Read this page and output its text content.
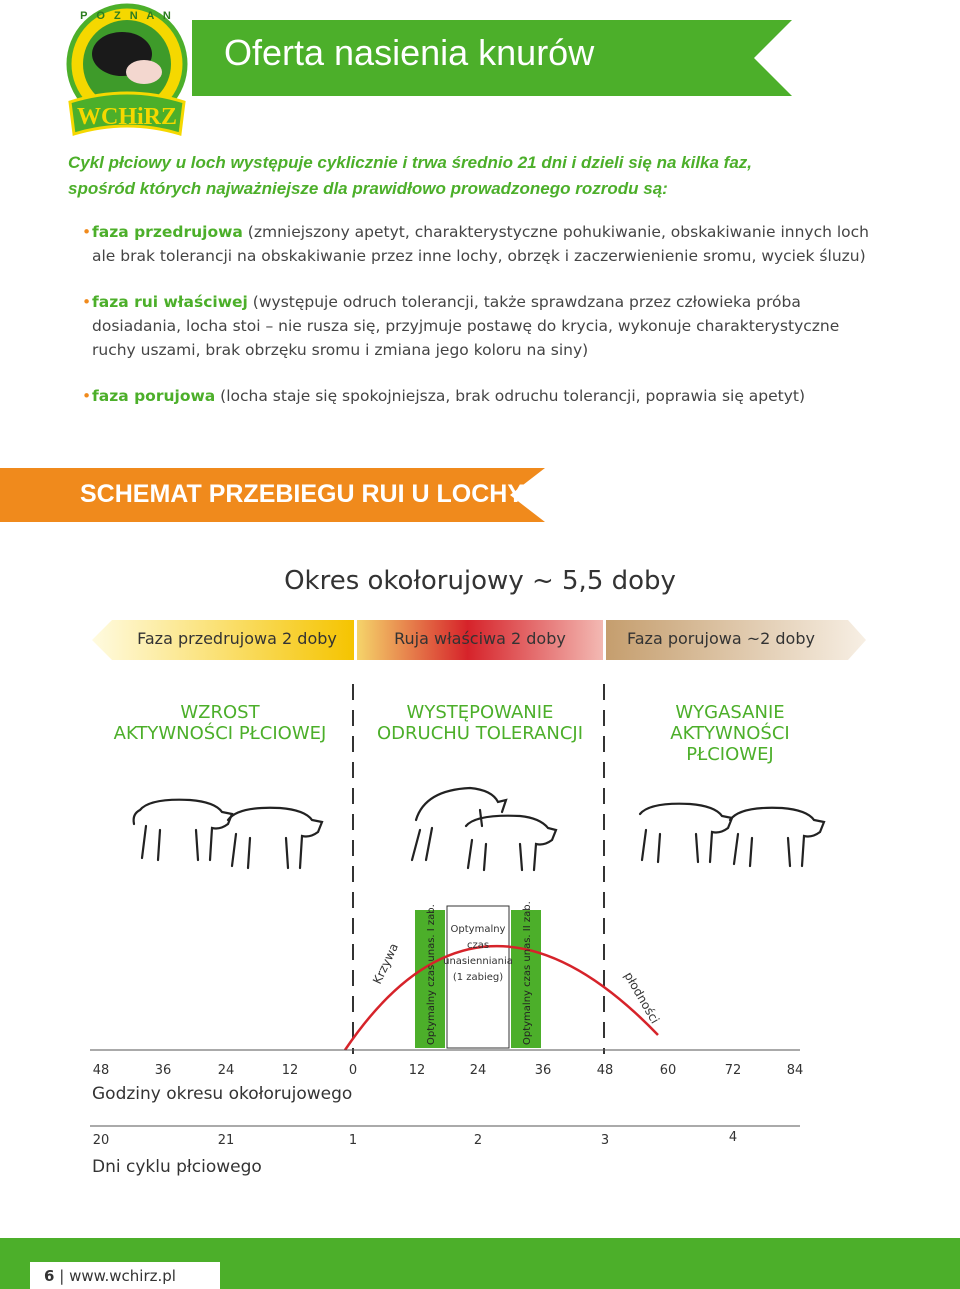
P O Z N A N
WCHiRZ
Oferta nasienia knurów
Cykl płciowy u loch występuje cyklicznie i trwa średnio 21 dni i dzieli się na kilka faz,
spośród których najważniejsze dla prawidłowo prowadzonego rozrodu są:
• faza przedrujowa (zmniejszony apetyt, charakterystyczne pohukiwanie, obskakiwanie innych loch ale brak tolerancji na obskakiwanie przez inne lochy, obrzęk i zaczerwienienie sromu, wyciek śluzu)
• faza rui właściwej (występuje odruch tolerancji, także sprawdzana przez człowieka próba dosiadania, locha stoi – nie rusza się, przyjmuje postawę do krycia, wykonuje charakterystyczne ruchy uszami, brak obrzęku sromu i zmiana jego koloru na siny)
• faza porujowa (locha staje się spokojniejsza, brak odruchu tolerancji, poprawia się apetyt)
SCHEMAT PRZEBIEGU RUI U LOCHY
Okres okołorujowy ~ 5,5 doby
Faza przedrujowa 2 doby	Ruja właściwa 2 doby	Faza porujowa ~2 doby
WZROST
AKTYWNOŚCI PŁCIOWEJ
WYSTĘPOWANIE
ODRUCHU TOLERANCJI
WYGASANIE
AKTYWNOŚCI
PŁCIOWEJ
Krzywa
płodności
Optymalny czas unas. I zab.	Optymalny czas unas. II zab.
Optymalny
czas
unasienniania
(1 zabieg)
48	36	24	12	0	12	24	36	48	60	72	84
Godziny okresu okołorujowego
20	21	1	2	3	4
Dni cyklu płciowego
6 | www.wchirz.pl
